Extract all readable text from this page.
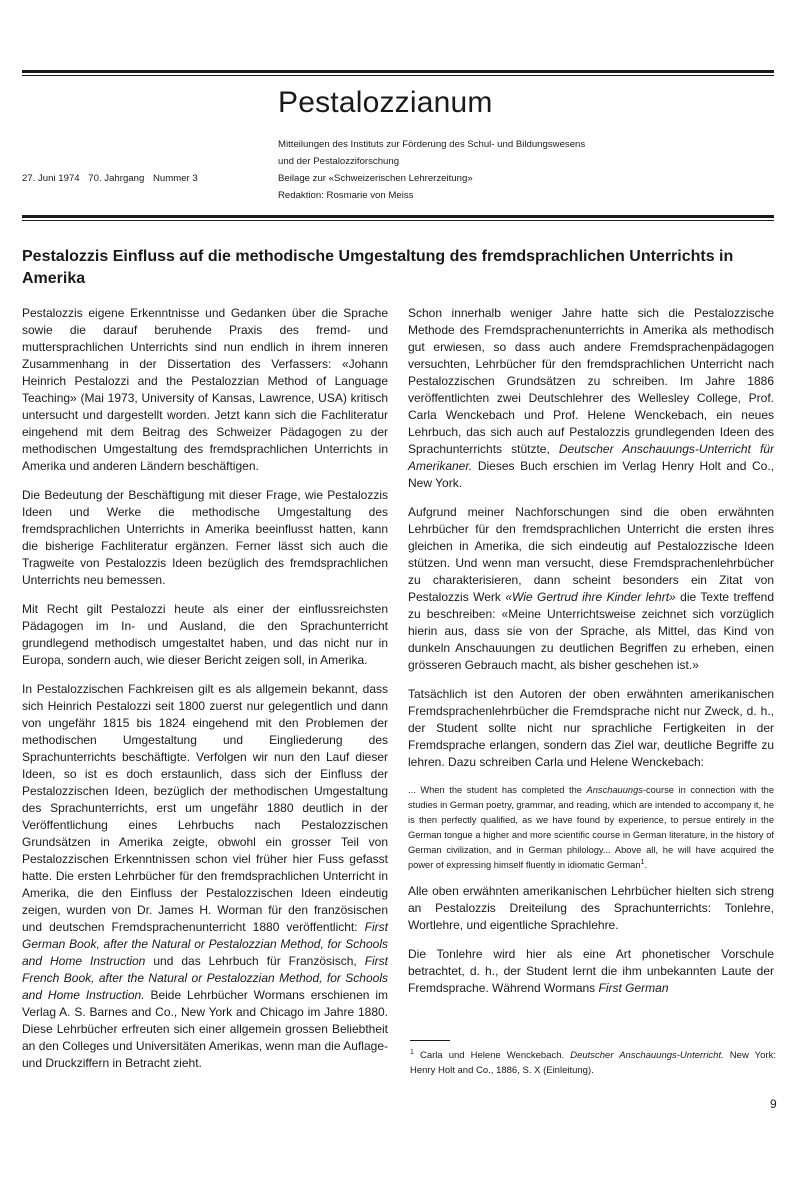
Pestalozzianum
Mitteilungen des Instituts zur Förderung des Schul- und Bildungswesens
und der Pestalozziforschung
Beilage zur «Schweizerischen Lehrerzeitung»
Redaktion: Rosmarie von Meiss
27. Juni 1974 70. Jahrgang Nummer 3
Pestalozzis Einfluss auf die methodische Umgestaltung des fremdsprachlichen Unterrichts in Amerika

Pestalozzis eigene Erkenntnisse und Gedanken über die Sprache sowie die darauf beruhende Praxis des fremd- und muttersprachlichen Unterrichts sind nun endlich in ihrem inneren Zusammenhang in der Dissertation des Verfassers: «Johann Heinrich Pestalozzi and the Pestalozzian Method of Language Teaching» (Mai 1973, University of Kansas, Lawrence, USA) kritisch untersucht und dargestellt worden. Jetzt kann sich die Fachliteratur eingehend mit dem Beitrag des Schweizer Pädagogen zu der methodischen Umgestaltung des fremdsprachlichen Unterrichts in Amerika und anderen Ländern beschäftigen.

Die Bedeutung der Beschäftigung mit dieser Frage, wie Pestalozzis Ideen und Werke die methodische Umgestaltung des fremdsprachlichen Unterrichts in Amerika beeinflusst hatten, kann die bisherige Fachliteratur ergänzen. Ferner lässt sich auch die Tragweite von Pestalozzis Ideen bezüglich des fremdsprachlichen Unterrichts neu bemessen.

Mit Recht gilt Pestalozzi heute als einer der einflussreichsten Pädagogen im In- und Ausland, die den Sprachunterricht grundlegend methodisch umgestaltet haben, und das nicht nur in Europa, sondern auch, wie dieser Bericht zeigen soll, in Amerika.

In Pestalozzischen Fachkreisen gilt es als allgemein bekannt, dass sich Heinrich Pestalozzi seit 1800 zuerst nur gelegentlich und dann von ungefähr 1815 bis 1824 eingehend mit den Problemen der methodischen Umgestaltung und Eingliederung des Sprachunterrichts beschäftigte. Verfolgen wir nun den Lauf dieser Ideen, so ist es doch erstaunlich, dass sich der Einfluss der Pestalozzischen Ideen, bezüglich der methodischen Umgestaltung des Sprachunterrichts, erst um ungefähr 1880 deutlich in der Veröffentlichung eines Lehrbuchs nach Pestalozzischen Grundsätzen in Amerika zeigte, obwohl ein grosser Teil von Pestalozzischen Erkenntnissen schon viel früher hier Fuss gefasst hatte. Die ersten Lehrbücher für den fremdsprachlichen Unterricht in Amerika, die den Einfluss der Pestalozzischen Ideen eindeutig zeigen, wurden von Dr. James H. Worman für den französischen und deutschen Fremdsprachenunterricht 1880 veröffentlicht: First German Book, after the Natural or Pestalozzian Method, for Schools and Home Instruction und das Lehrbuch für Französisch, First French Book, after the Natural or Pestalozzian Method, for Schools and Home Instruction. Beide Lehrbücher Wormans erschienen im Verlag A. S. Barnes and Co., New York and Chicago im Jahre 1880. Diese Lehrbücher erfreuten sich einer allgemein grossen Beliebtheit an den Colleges und Universitäten Amerikas, wenn man die Auflage- und Druckziffern in Betracht zieht.

Schon innerhalb weniger Jahre hatte sich die Pestalozzische Methode des Fremdsprachenunterrichts in Amerika als methodisch gut erwiesen, so dass auch andere Fremdsprachenpädagogen versuchten, Lehrbücher für den fremdsprachlichen Unterricht nach Pestalozzischen Grundsätzen zu schreiben. Im Jahre 1886 veröffentlichten zwei Deutschlehrer des Wellesley College, Prof. Carla Wenckebach und Prof. Helene Wenckebach, ein neues Lehrbuch, das sich auch auf Pestalozzis grundlegenden Ideen des Sprachunterrichts stützte, Deutscher Anschauungs-Unterricht für Amerikaner. Dieses Buch erschien im Verlag Henry Holt and Co., New York.

Aufgrund meiner Nachforschungen sind die oben erwähnten Lehrbücher für den fremdsprachlichen Unterricht die ersten ihres gleichen in Amerika, die sich eindeutig auf Pestalozzische Ideen stützen. Und wenn man versucht, diese Fremdsprachenlehrbücher zu charakterisieren, dann scheint besonders ein Zitat von Pestalozzis Werk «Wie Gertrud ihre Kinder lehrt» die Texte treffend zu beschreiben: «Meine Unterrichtsweise zeichnet sich vorzüglich hierin aus, dass sie von der Sprache, als Mittel, das Kind von dunkeln Anschauungen zu deutlichen Begriffen zu erheben, einen grösseren Gebrauch macht, als bisher geschehen ist.»

Tatsächlich ist den Autoren der oben erwähnten amerikanischen Fremdsprachenlehrbücher die Fremdsprache nicht nur Zweck, d. h., der Student sollte nicht nur sprachliche Fertigkeiten in der Fremdsprache erlangen, sondern das Ziel war, deutliche Begriffe zu lehren. Dazu schreiben Carla und Helene Wenckebach:

... When the student has completed the Anschauungs-course in connection with the studies in German poetry, grammar, and reading, which are intended to accompany it, he is then perfectly qualified, as we have found by experience, to persue entirely in the German tongue a higher and more scientific course in German literature, in the history of German civilization, and in German philology... Above all, he will have acquired the power of expressing himself fluently in idiomatic German$^1$.

Alle oben erwähnten amerikanischen Lehrbücher hielten sich streng an Pestalozzis Dreiteilung des Sprachunterrichts: Tonlehre, Wortlehre, und eigentliche Sprachlehre.

Die Tonlehre wird hier als eine Art phonetischer Vorschule betrachtet, d. h., der Student lernt die ihm unbekannten Laute der Fremdsprache. Während Wormans First German

$^1$ Carla und Helene Wenckebach. Deutscher Anschauungs-Unterricht. New York: Henry Holt and Co., 1886, S. X (Einleitung).
9
